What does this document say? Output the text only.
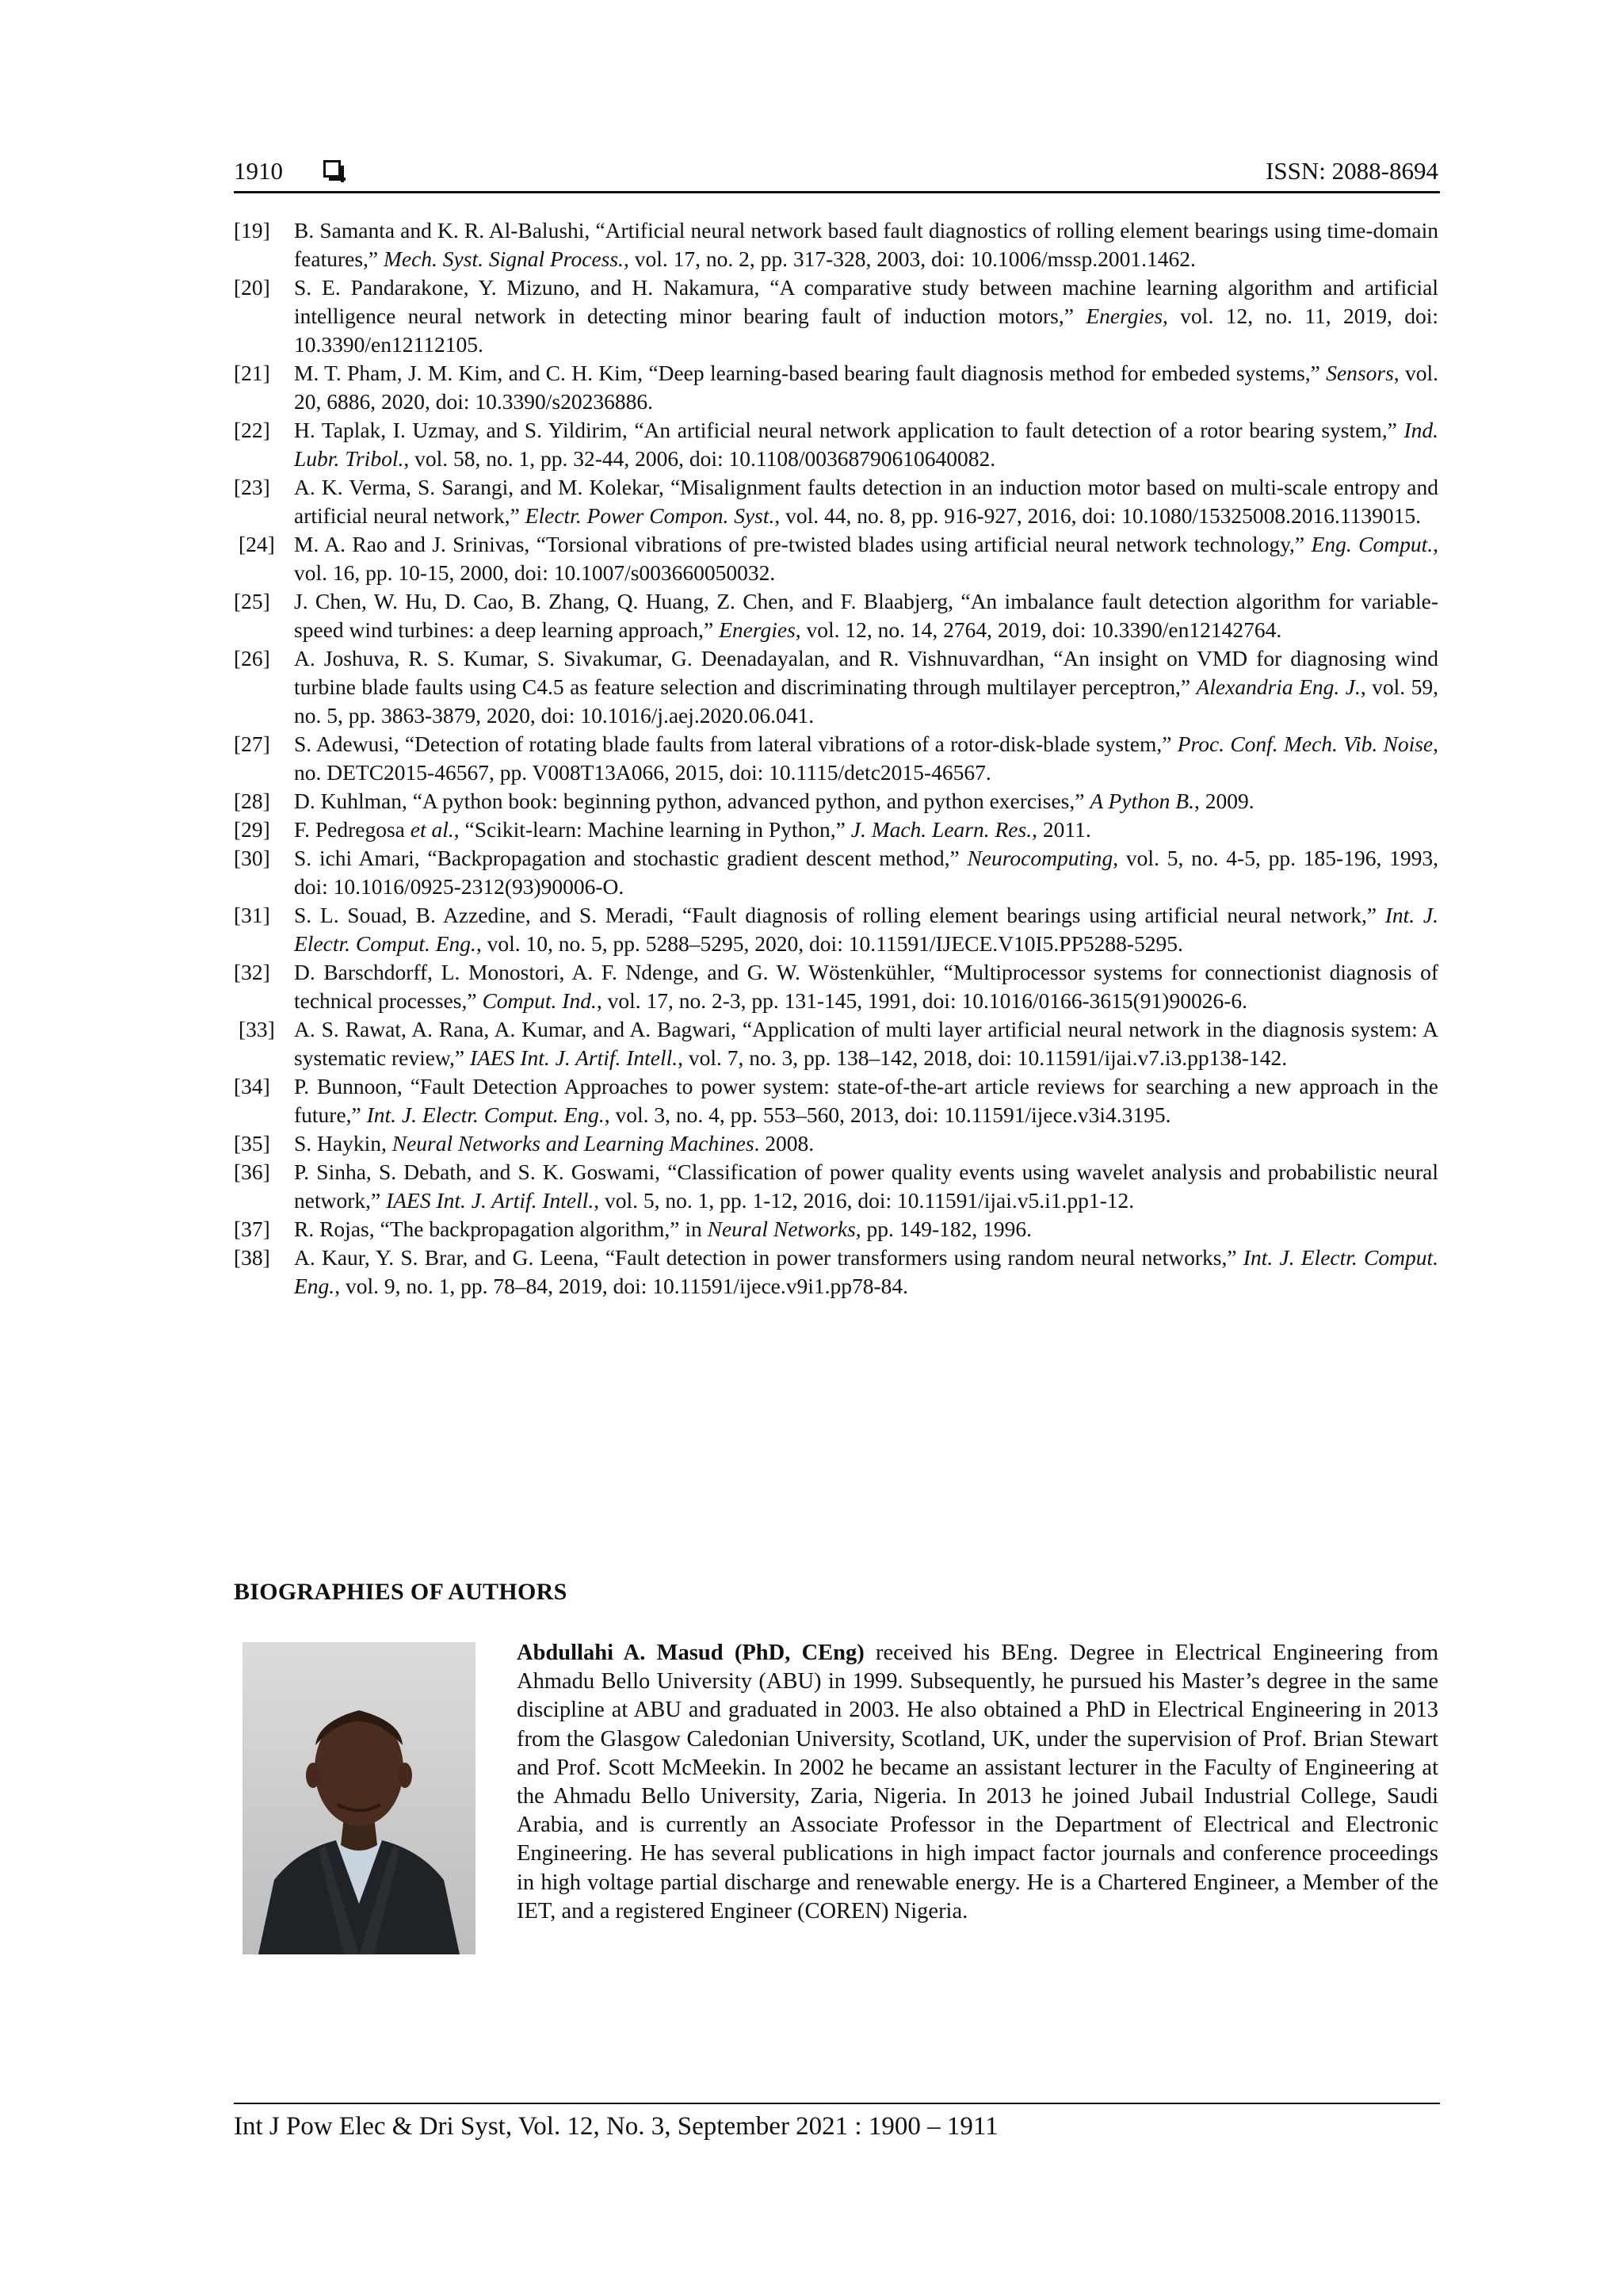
1910	ISSN: 2088-8694
[19]	B. Samanta and K. R. Al-Balushi, “Artificial neural network based fault diagnostics of rolling element bearings using time-domain features,” Mech. Syst. Signal Process., vol. 17, no. 2, pp. 317-328, 2003, doi: 10.1006/mssp.2001.1462.
[20]	S. E. Pandarakone, Y. Mizuno, and H. Nakamura, “A comparative study between machine learning algorithm and artificial intelligence neural network in detecting minor bearing fault of induction motors,” Energies, vol. 12, no. 11, 2019, doi: 10.3390/en12112105.
[21]	M. T. Pham, J. M. Kim, and C. H. Kim, “Deep learning-based bearing fault diagnosis method for embeded systems,” Sensors, vol. 20, 6886, 2020, doi: 10.3390/s20236886.
[22]	H. Taplak, I. Uzmay, and S. Yildirim, “An artificial neural network application to fault detection of a rotor bearing system,” Ind. Lubr. Tribol., vol. 58, no. 1, pp. 32-44, 2006, doi: 10.1108/00368790610640082.
[23]	A. K. Verma, S. Sarangi, and M. Kolekar, “Misalignment faults detection in an induction motor based on multi-scale entropy and artificial neural network,” Electr. Power Compon. Syst., vol. 44, no. 8, pp. 916-927, 2016, doi: 10.1080/15325008.2016.1139015.
[24] M. A. Rao and J. Srinivas, “Torsional vibrations of pre-twisted blades using artificial neural network technology,” Eng. Comput., vol. 16, pp. 10-15, 2000, doi: 10.1007/s003660050032.
[25]	J. Chen, W. Hu, D. Cao, B. Zhang, Q. Huang, Z. Chen, and F. Blaabjerg, “An imbalance fault detection algorithm for variable-speed wind turbines: a deep learning approach,” Energies, vol. 12, no. 14, 2764, 2019, doi: 10.3390/en12142764.
[26]	A. Joshuva, R. S. Kumar, S. Sivakumar, G. Deenadayalan, and R. Vishnuvardhan, “An insight on VMD for diagnosing wind turbine blade faults using C4.5 as feature selection and discriminating through multilayer perceptron,” Alexandria Eng. J., vol. 59, no. 5, pp. 3863-3879, 2020, doi: 10.1016/j.aej.2020.06.041.
[27]	S. Adewusi, “Detection of rotating blade faults from lateral vibrations of a rotor-disk-blade system,” Proc. Conf. Mech. Vib. Noise, no. DETC2015-46567, pp. V008T13A066, 2015, doi: 10.1115/detc2015-46567.
[28]	D. Kuhlman, “A python book: beginning python, advanced python, and python exercises,” A Python B., 2009.
[29]	F. Pedregosa et al., “Scikit-learn: Machine learning in Python,” J. Mach. Learn. Res., 2011.
[30]	S. ichi Amari, “Backpropagation and stochastic gradient descent method,” Neurocomputing, vol. 5, no. 4-5, pp. 185-196, 1993, doi: 10.1016/0925-2312(93)90006-O.
[31]	S. L. Souad, B. Azzedine, and S. Meradi, “Fault diagnosis of rolling element bearings using artificial neural network,” Int. J. Electr. Comput. Eng., vol. 10, no. 5, pp. 5288–5295, 2020, doi: 10.11591/IJECE.V10I5.PP5288-5295.
[32]	D. Barschdorff, L. Monostori, A. F. Ndenge, and G. W. Wöstenkühler, “Multiprocessor systems for connectionist diagnosis of technical processes,” Comput. Ind., vol. 17, no. 2-3, pp. 131-145, 1991, doi: 10.1016/0166-3615(91)90026-6.
[33] A. S. Rawat, A. Rana, A. Kumar, and A. Bagwari, “Application of multi layer artificial neural network in the diagnosis system: A systematic review,” IAES Int. J. Artif. Intell., vol. 7, no. 3, pp. 138–142, 2018, doi: 10.11591/ijai.v7.i3.pp138-142.
[34]	P. Bunnoon, “Fault Detection Approaches to power system: state-of-the-art article reviews for searching a new approach in the future,” Int. J. Electr. Comput. Eng., vol. 3, no. 4, pp. 553–560, 2013, doi: 10.11591/ijece.v3i4.3195.
[35]	S. Haykin, Neural Networks and Learning Machines. 2008.
[36]	P. Sinha, S. Debath, and S. K. Goswami, “Classification of power quality events using wavelet analysis and probabilistic neural network,” IAES Int. J. Artif. Intell., vol. 5, no. 1, pp. 1-12, 2016, doi: 10.11591/ijai.v5.i1.pp1-12.
[37]	R. Rojas, “The backpropagation algorithm,” in Neural Networks, pp. 149-182, 1996.
[38]	A. Kaur, Y. S. Brar, and G. Leena, “Fault detection in power transformers using random neural networks,” Int. J. Electr. Comput. Eng., vol. 9, no. 1, pp. 78–84, 2019, doi: 10.11591/ijece.v9i1.pp78-84.
BIOGRAPHIES OF AUTHORS

Abdullahi A. Masud (PhD, CEng) received his BEng. Degree in Electrical Engineering from Ahmadu Bello University (ABU) in 1999. Subsequently, he pursued his Master’s degree in the same discipline at ABU and graduated in 2003. He also obtained a PhD in Electrical Engineering in 2013 from the Glasgow Caledonian University, Scotland, UK, under the supervision of Prof. Brian Stewart and Prof. Scott McMeekin. In 2002 he became an assistant lecturer in the Faculty of Engineering at the Ahmadu Bello University, Zaria, Nigeria. In 2013 he joined Jubail Industrial College, Saudi Arabia, and is currently an Associate Professor in the Department of Electrical and Electronic Engineering. He has several publications in high impact factor journals and conference proceedings in high voltage partial discharge and renewable energy. He is a Chartered Engineer, a Member of the IET, and a registered Engineer (COREN) Nigeria.

Int J Pow Elec & Dri Syst, Vol. 12, No. 3, September 2021 : 1900 – 1911
